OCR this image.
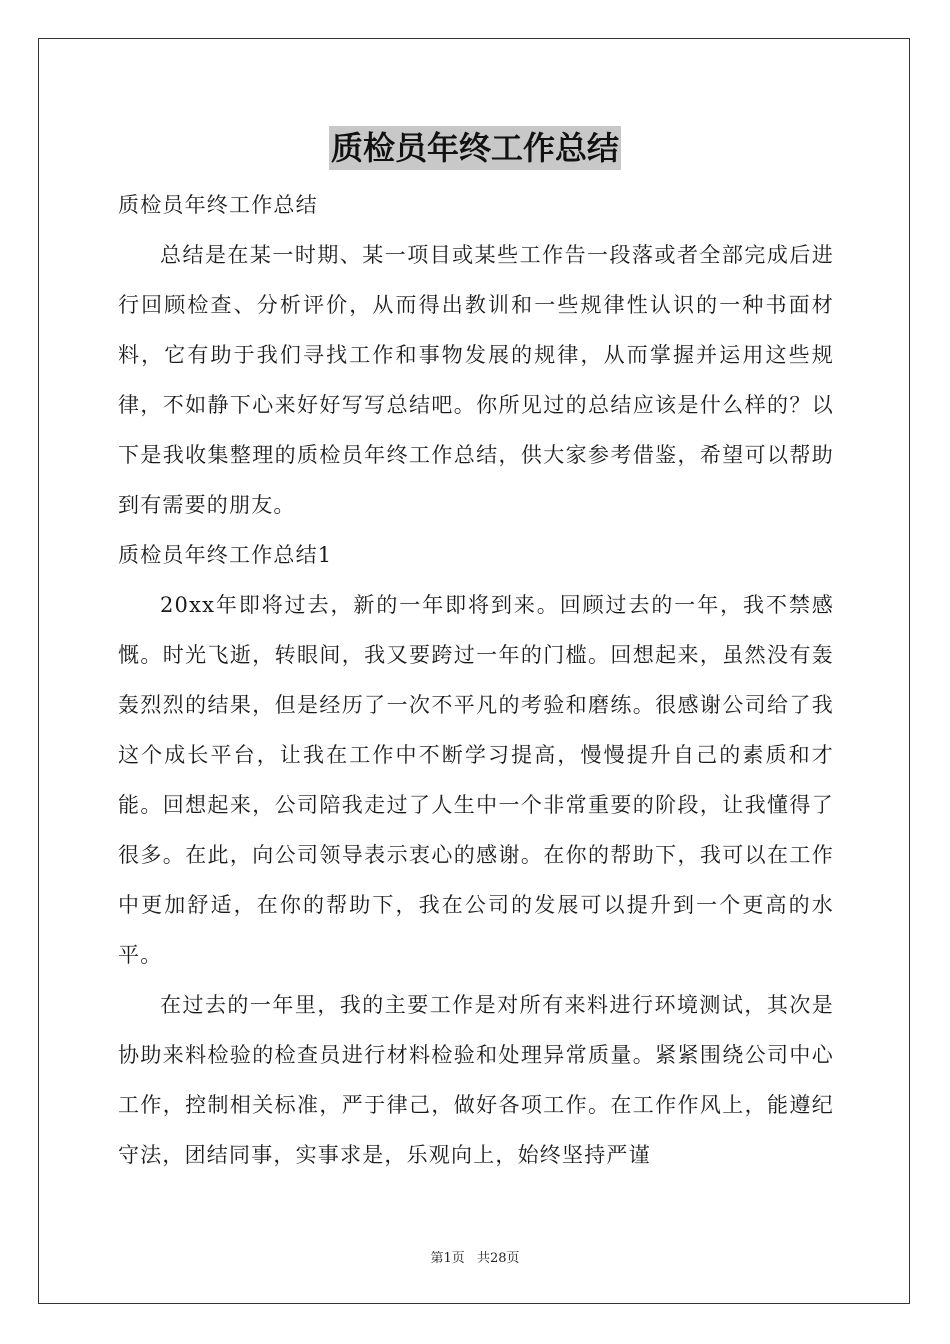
质检员年终工作总结

质检员年终工作总结

总结是在某一时期、某一项目或某些工作告一段落或者全部完成后进行回顾检查、分析评价，从而得出教训和一些规律性认识的一种书面材料，它有助于我们寻找工作和事物发展的规律，从而掌握并运用这些规律，不如静下心来好好写写总结吧。你所见过的总结应该是什么样的？以下是我收集整理的质检员年终工作总结，供大家参考借鉴，希望可以帮助到有需要的朋友。

质检员年终工作总结1

20xx年即将过去，新的一年即将到来。回顾过去的一年，我不禁感慨。时光飞逝，转眼间，我又要跨过一年的门槛。回想起来，虽然没有轰轰烈烈的结果，但是经历了一次不平凡的考验和磨练。很感谢公司给了我这个成长平台，让我在工作中不断学习提高，慢慢提升自己的素质和才能。回想起来，公司陪我走过了人生中一个非常重要的阶段，让我懂得了很多。在此，向公司领导表示衷心的感谢。在你的帮助下，我可以在工作中更加舒适，在你的帮助下，我在公司的发展可以提升到一个更高的水平。

在过去的一年里，我的主要工作是对所有来料进行环境测试，其次是协助来料检验的检查员进行材料检验和处理异常质量。紧紧围绕公司中心工作，控制相关标准，严于律己，做好各项工作。在工作作风上，能遵纪守法，团结同事，实事求是，乐观向上，始终坚持严谨

第1页 共28页
